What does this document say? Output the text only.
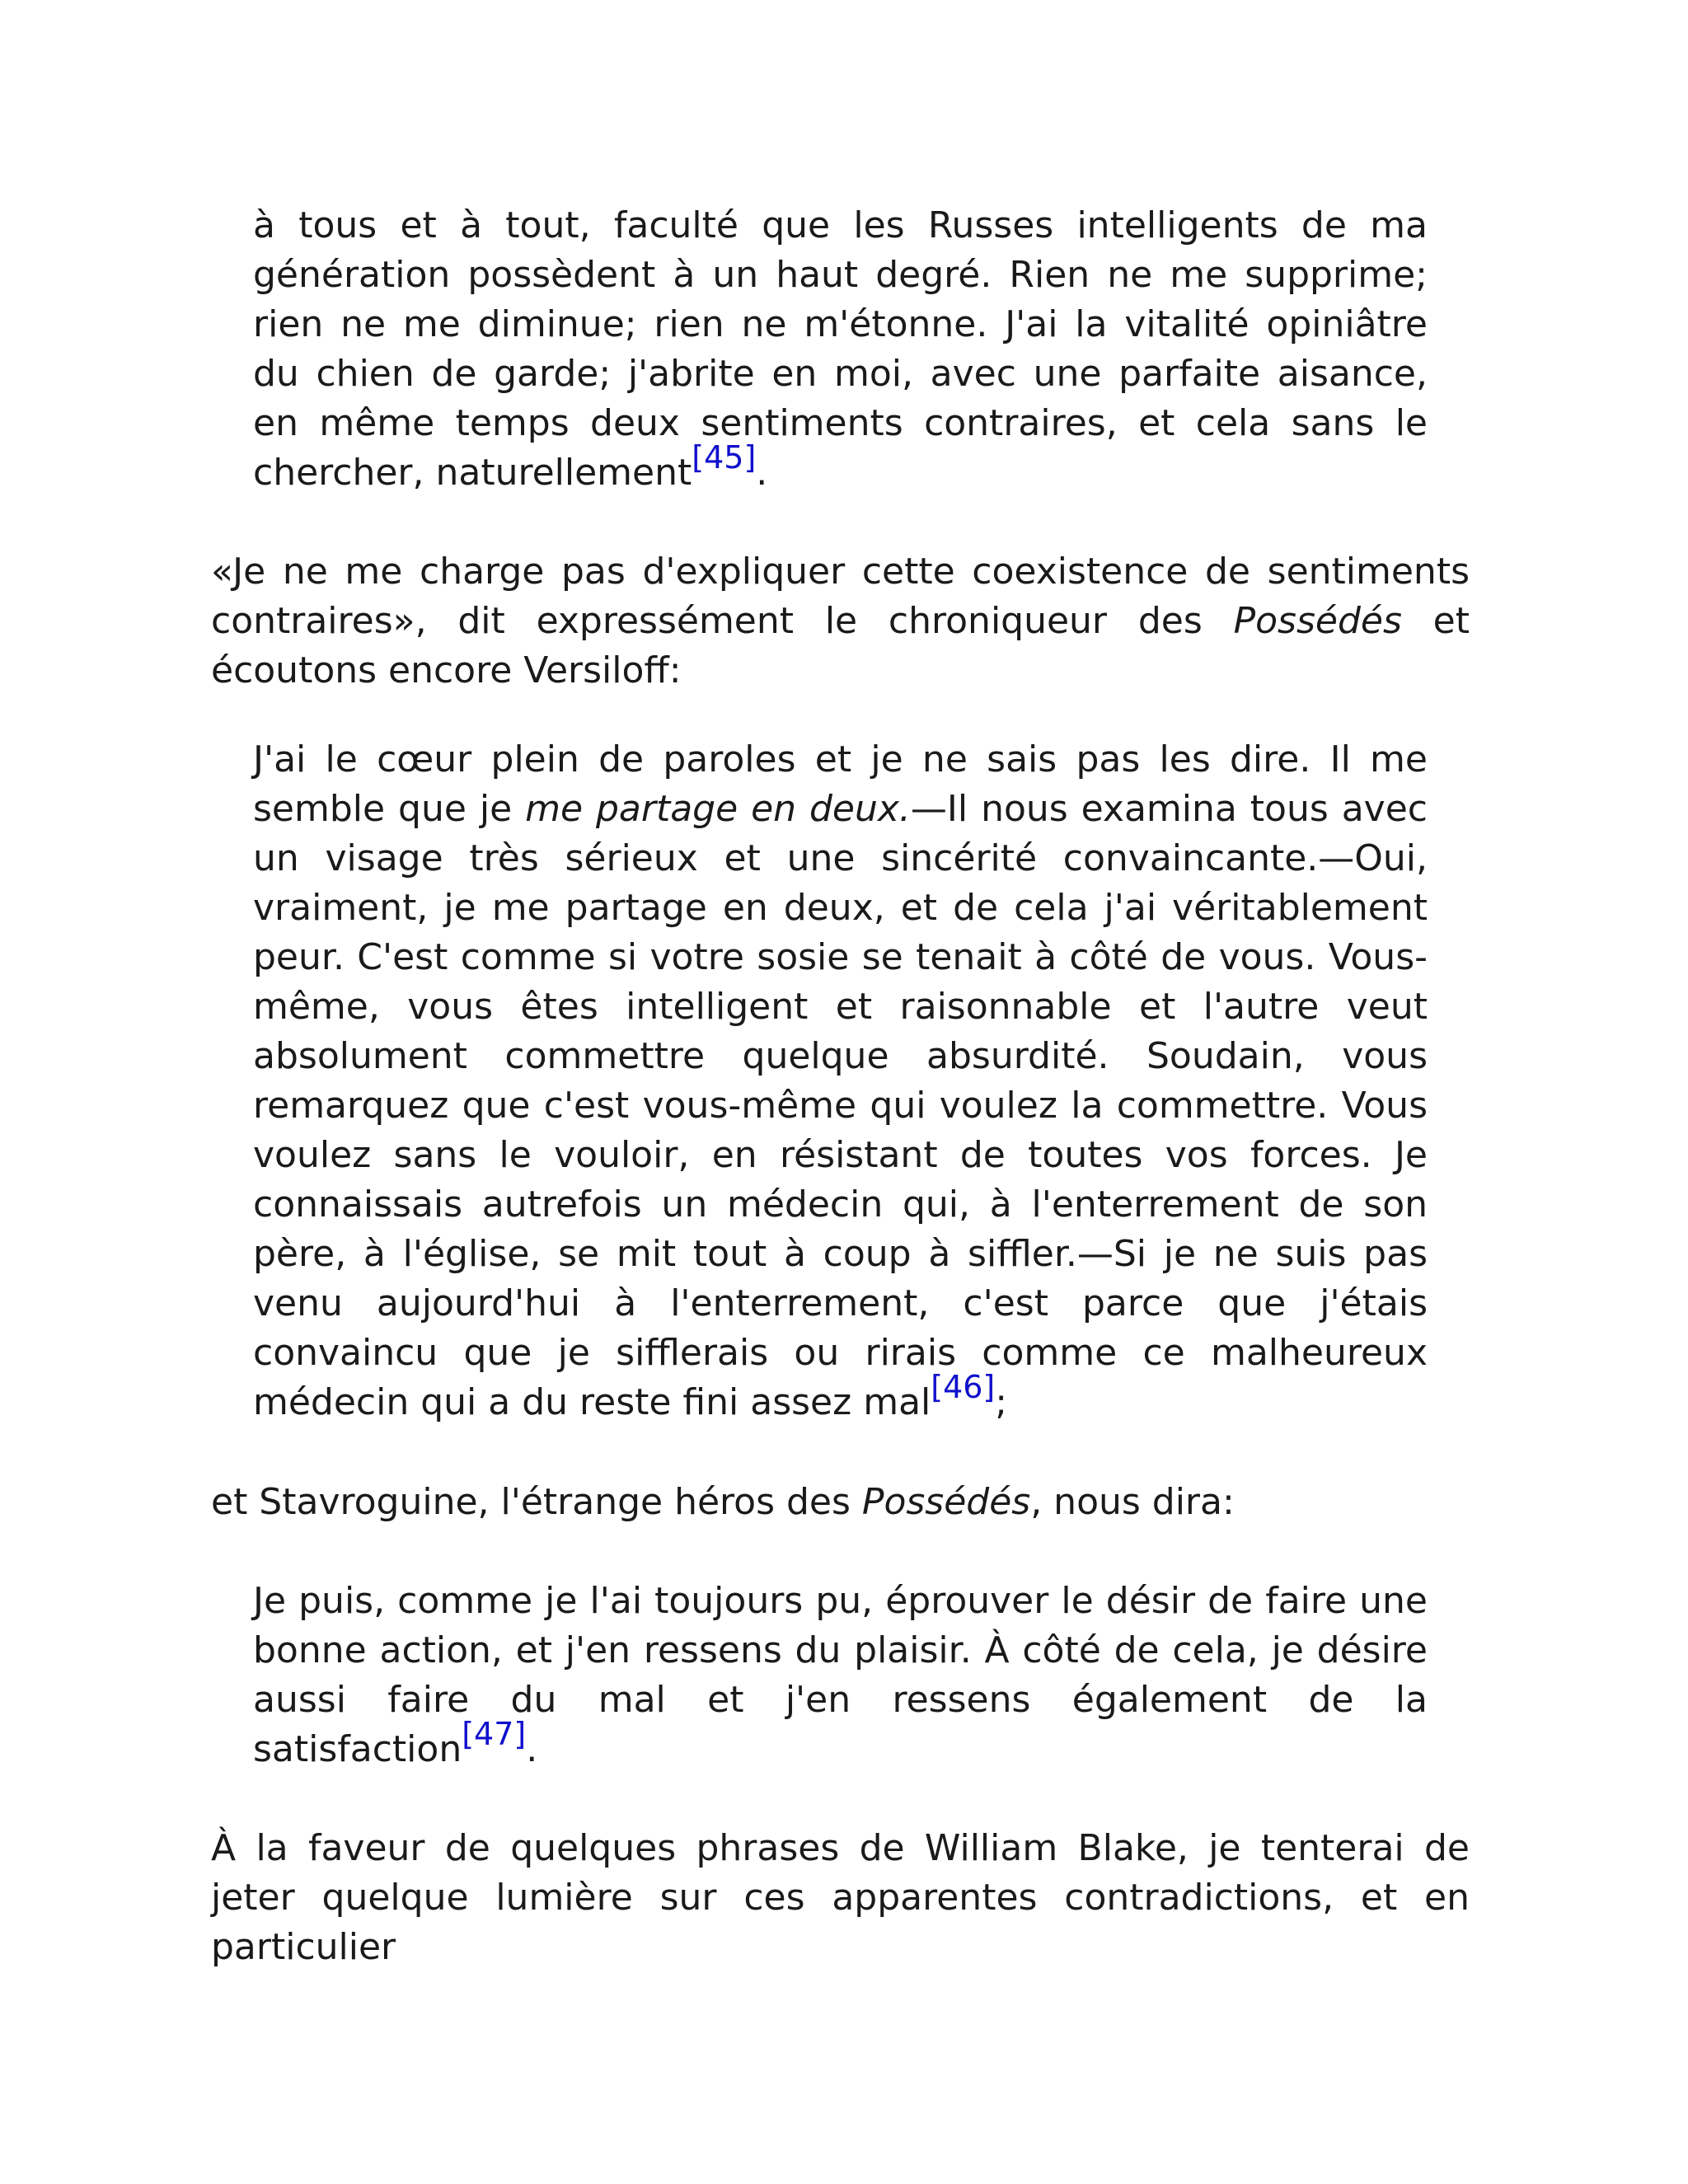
à tous et à tout, faculté que les Russes intelligents de ma génération possèdent à un haut degré. Rien ne me supprime; rien ne me diminue; rien ne m'étonne. J'ai la vitalité opiniâtre du chien de garde; j'abrite en moi, avec une parfaite aisance, en même temps deux sentiments contraires, et cela sans le chercher, naturellement[45].

«Je ne me charge pas d'expliquer cette coexistence de sentiments contraires», dit expressément le chroniqueur des Possédés et écoutons encore Versiloff:

J'ai le cœur plein de paroles et je ne sais pas les dire. Il me semble que je me partage en deux.—Il nous examina tous avec un visage très sérieux et une sincérité convaincante.—Oui, vraiment, je me partage en deux, et de cela j'ai véritablement peur. C'est comme si votre sosie se tenait à côté de vous. Vous-même, vous êtes intelligent et raisonnable et l'autre veut absolument commettre quelque absurdité. Soudain, vous remarquez que c'est vous-même qui voulez la commettre. Vous voulez sans le vouloir, en résistant de toutes vos forces. Je connaissais autrefois un médecin qui, à l'enterrement de son père, à l'église, se mit tout à coup à siffler.—Si je ne suis pas venu aujourd'hui à l'enterrement, c'est parce que j'étais convaincu que je sifflerais ou rirais comme ce malheureux médecin qui a du reste fini assez mal[46];

et Stavroguine, l'étrange héros des Possédés, nous dira:

Je puis, comme je l'ai toujours pu, éprouver le désir de faire une bonne action, et j'en ressens du plaisir. À côté de cela, je désire aussi faire du mal et j'en ressens également de la satisfaction[47].

À la faveur de quelques phrases de William Blake, je tenterai de jeter quelque lumière sur ces apparentes contradictions, et en particulier
